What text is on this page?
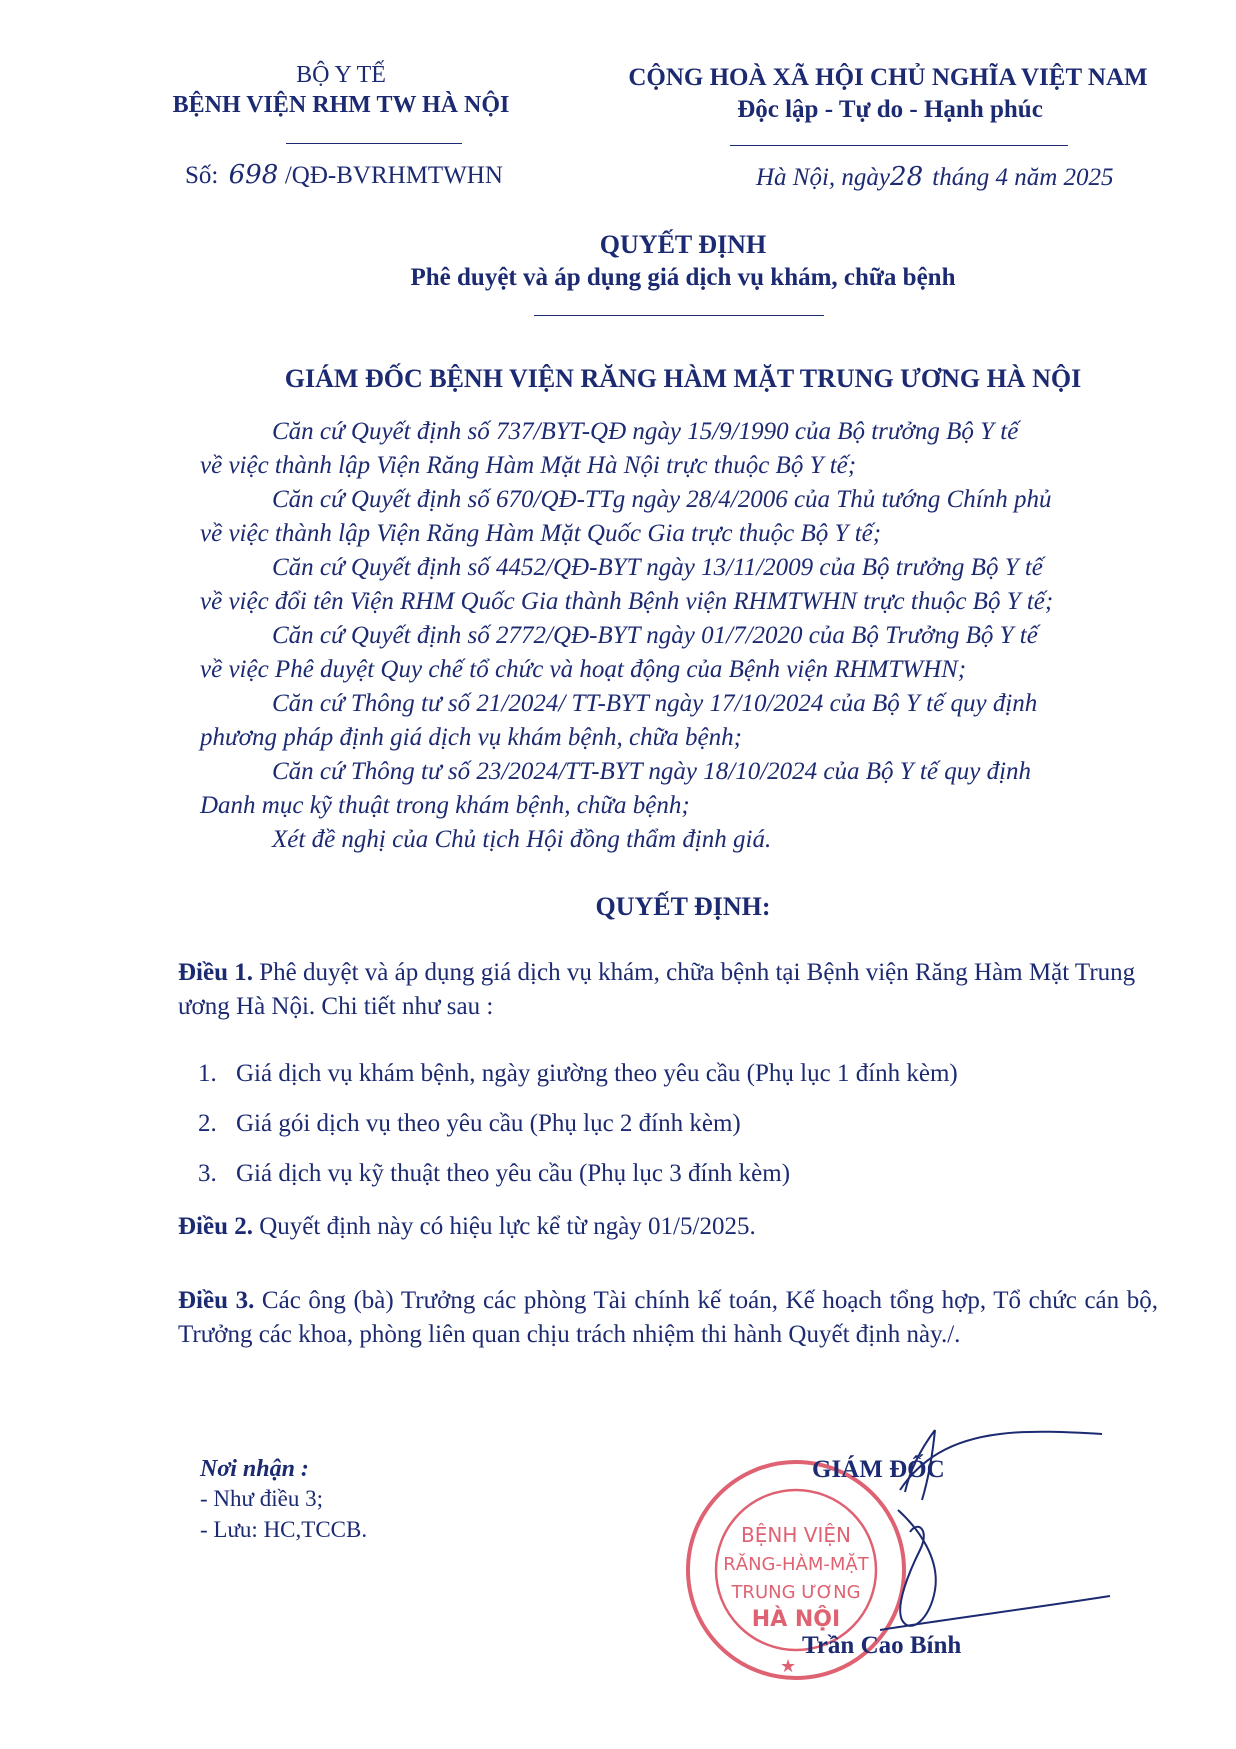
BỘ Y TẾ
BỆNH VIỆN RHM TW HÀ NỘI
Số: 698 /QĐ-BVRHMTWHN
CỘNG HOÀ XÃ HỘI CHỦ NGHĨA VIỆT NAM
Độc lập - Tự do - Hạnh phúc
Hà Nội, ngày28 tháng 4 năm 2025
QUYẾT ĐỊNH
Phê duyệt và áp dụng giá dịch vụ khám, chữa bệnh
GIÁM ĐỐC BỆNH VIỆN RĂNG HÀM MẶT TRUNG ƯƠNG HÀ NỘI
Căn cứ Quyết định số 737/BYT-QĐ ngày 15/9/1990 của Bộ trưởng Bộ Y tế
về việc thành lập Viện Răng Hàm Mặt Hà Nội trực thuộc Bộ Y tế;
Căn cứ Quyết định số 670/QĐ-TTg ngày 28/4/2006 của Thủ tướng Chính phủ
về việc thành lập Viện Răng Hàm Mặt Quốc Gia trực thuộc Bộ Y tế;
Căn cứ Quyết định số 4452/QĐ-BYT ngày 13/11/2009 của Bộ trưởng Bộ Y tế
về việc đổi tên Viện RHM Quốc Gia thành Bệnh viện RHMTWHN trực thuộc Bộ Y tế;
Căn cứ Quyết định số 2772/QĐ-BYT ngày 01/7/2020 của Bộ Trưởng Bộ Y tế
về việc Phê duyệt Quy chế tổ chức và hoạt động của Bệnh viện RHMTWHN;
Căn cứ Thông tư số 21/2024/ TT-BYT ngày 17/10/2024 của Bộ Y tế quy định
phương pháp định giá dịch vụ khám bệnh, chữa bệnh;
Căn cứ Thông tư số 23/2024/TT-BYT ngày 18/10/2024 của Bộ Y tế quy định
Danh mục kỹ thuật trong khám bệnh, chữa bệnh;
Xét đề nghị của Chủ tịch Hội đồng thẩm định giá.
QUYẾT ĐỊNH:
Điều 1. Phê duyệt và áp dụng giá dịch vụ khám, chữa bệnh tại Bệnh viện Răng Hàm Mặt Trung ương Hà Nội. Chi tiết như sau :
1. Giá dịch vụ khám bệnh, ngày giường theo yêu cầu (Phụ lục 1 đính kèm)
2. Giá gói dịch vụ theo yêu cầu (Phụ lục 2 đính kèm)
3. Giá dịch vụ kỹ thuật theo yêu cầu (Phụ lục 3 đính kèm)
Điều 2. Quyết định này có hiệu lực kể từ ngày 01/5/2025.
Điều 3. Các ông (bà) Trưởng các phòng Tài chính kế toán, Kế hoạch tổng hợp, Tổ chức cán bộ, Trưởng các khoa, phòng liên quan chịu trách nhiệm thi hành Quyết định này./.
Nơi nhận :
- Như điều 3;
- Lưu: HC,TCCB.
★
BỆNH VIỆN
RĂNG-HÀM-MẶT
TRUNG ƯƠNG
HÀ NỘI
GIÁM ĐỐC
Trần Cao Bính
